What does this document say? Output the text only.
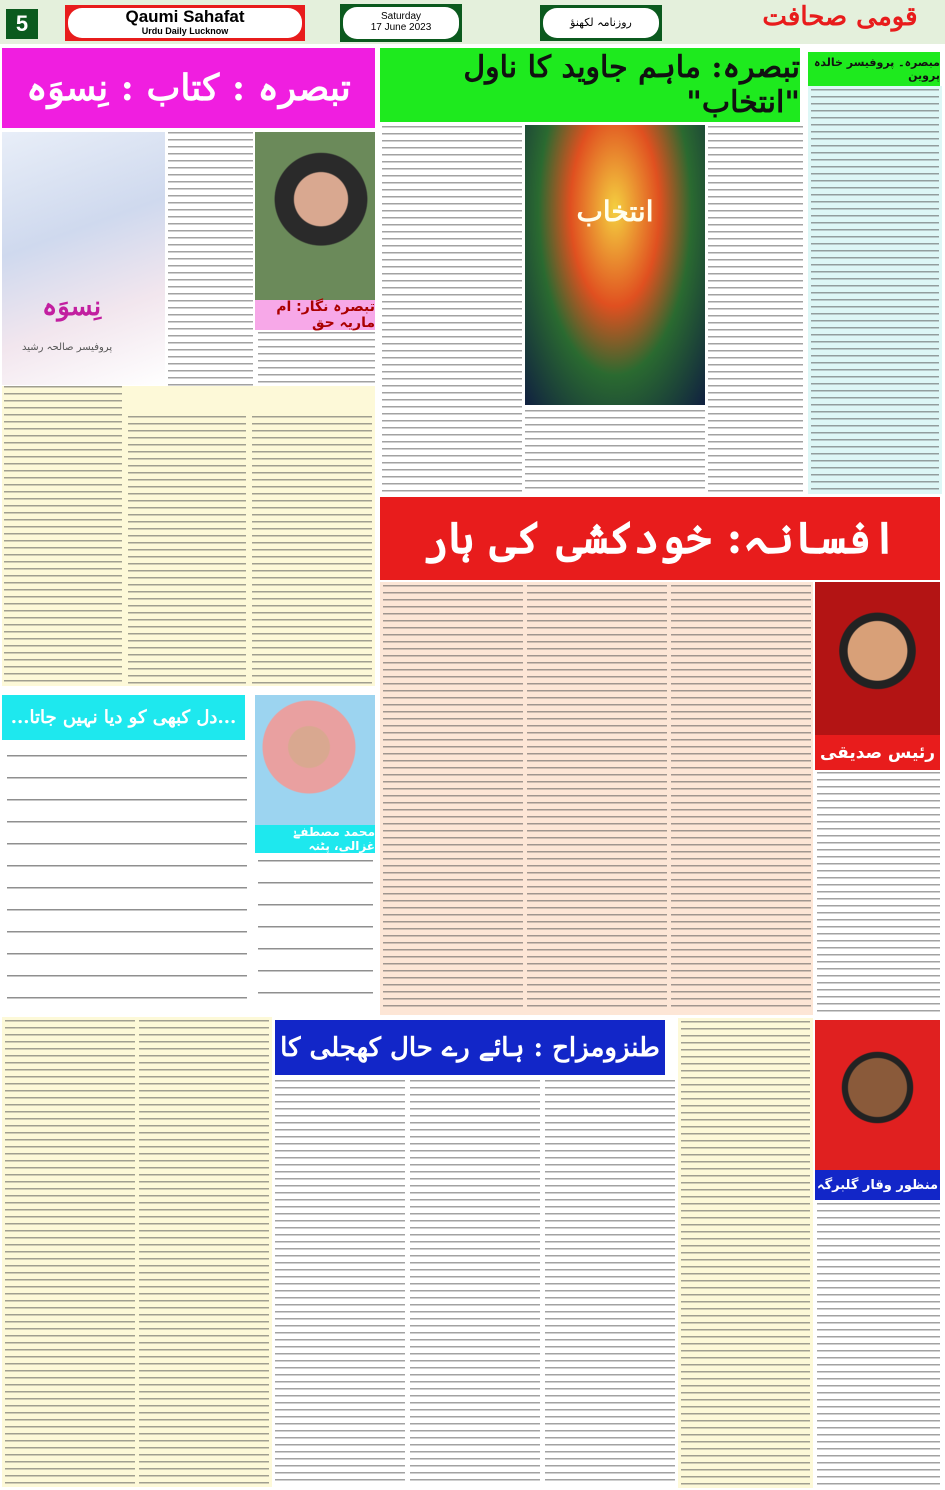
5	Qaumi Sahafat
Urdu Daily Lucknow
Saturday
17 June 2023	روزنامہ لکھنؤ	قومی صحافت
تبصرہ : کتاب : نِسوَہ
نِسوَہ
پروفیسر صالحہ رشید
تبصرہ نگار: ام ماریہ حق
تبصرہ: ماہم جاوید کا ناول "انتخاب"
مبصرہ۔ پروفیسر خالدہ پروین
انتخاب
افسانہ: خودکشی کی ہار
رئیس صدیقی
...دل کبھی کو دیا نہیں جاتا...
محمد مصطفےٰ غزالی، پٹنہ
طنزومزاح : ہائے رے حال کھجلی کا
منظور وقار گلبرگہ
